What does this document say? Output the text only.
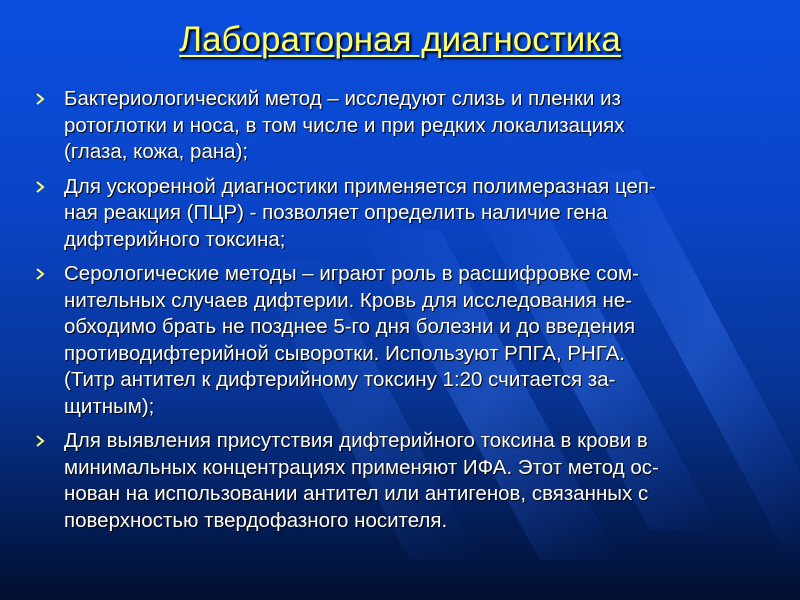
Лабораторная диагностика
Бактериологический метод – исследуют слизь и пленки из
ротоглотки и носа, в том числе и при редких локализациях
(глаза, кожа, рана);
Для ускоренной диагностики применяется полимеразная цеп-
ная реакция (ПЦР) - позволяет определить наличие гена
дифтерийного токсина;
Серологические методы – играют роль в расшифровке сом-
нительных случаев дифтерии. Кровь для исследования не-
обходимо брать не позднее 5-го дня болезни и до введения
противодифтерийной сыворотки. Используют РПГА, РНГА.
(Титр антител к дифтерийному токсину 1:20 считается за-
щитным);
Для выявления присутствия дифтерийного токсина в крови в
минимальных концентрациях применяют ИФА. Этот метод ос-
нован на использовании антител или антигенов, связанных с
поверхностью твердофазного носителя.
